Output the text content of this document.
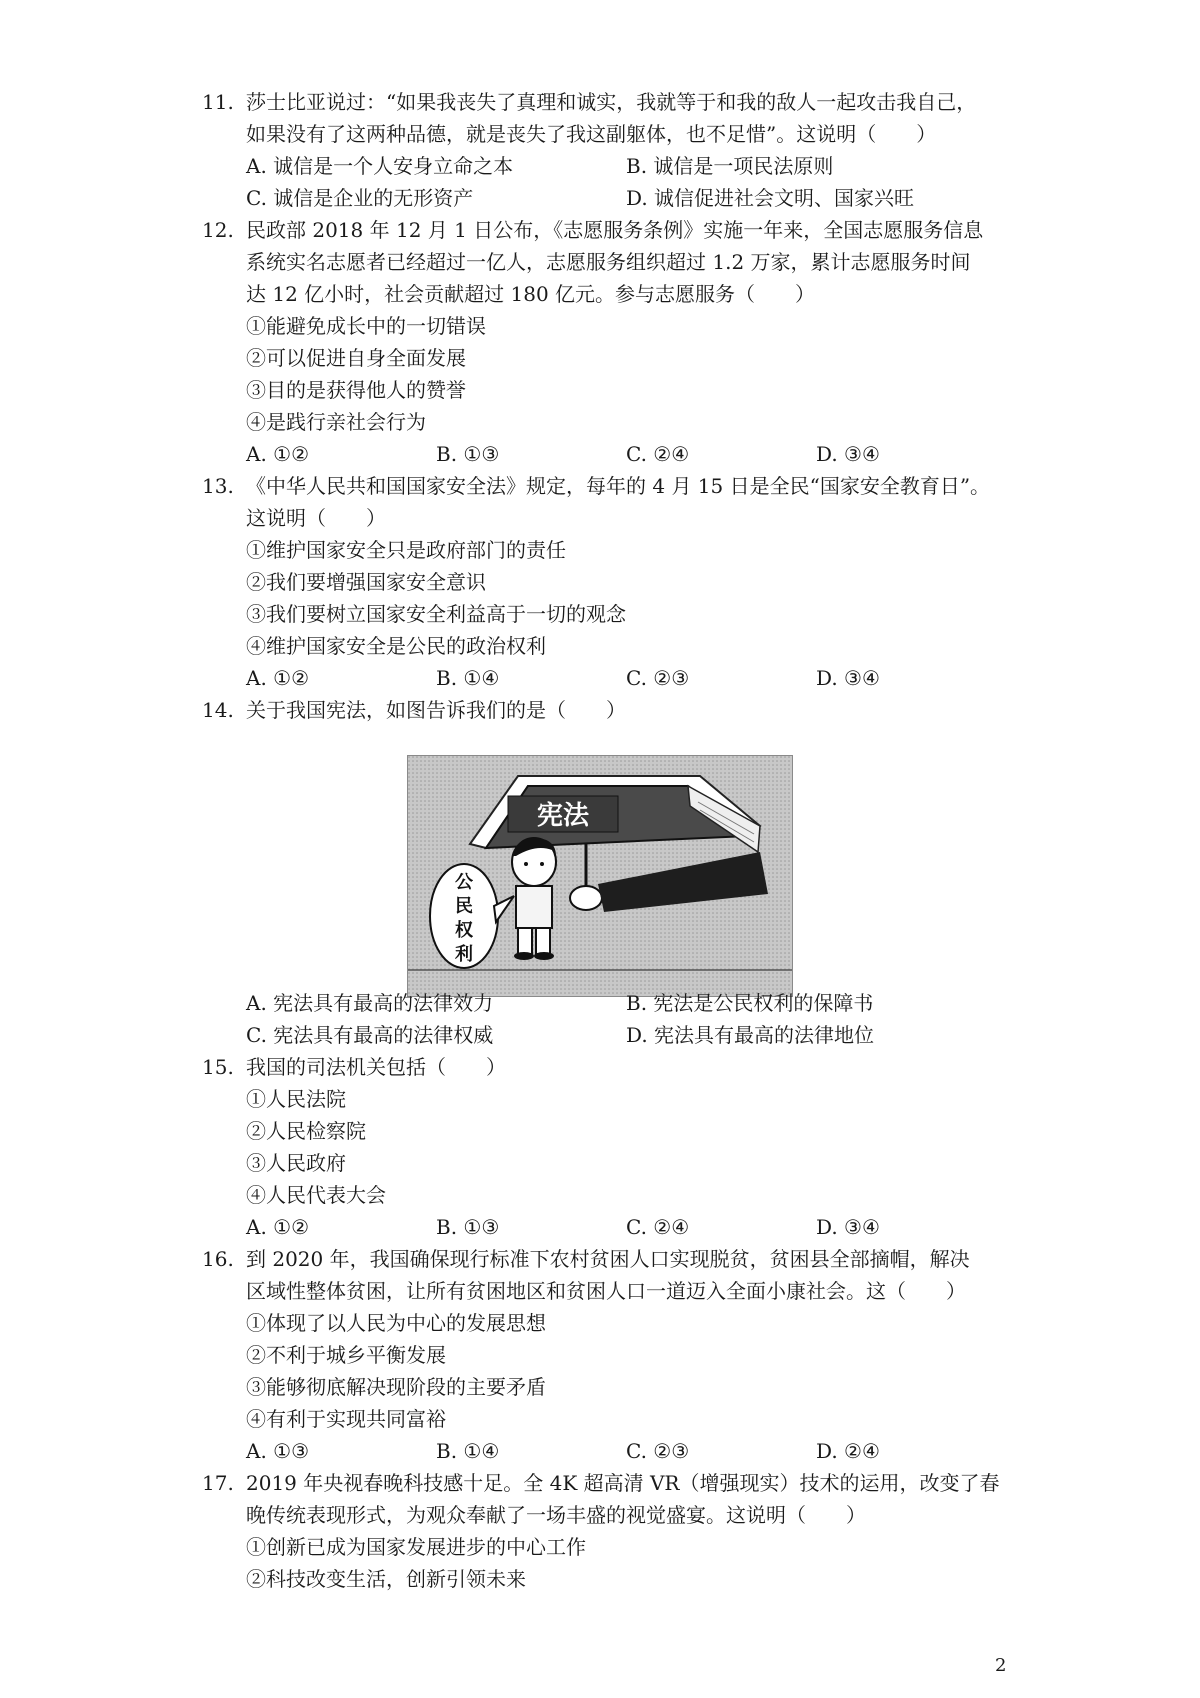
11. 莎士比亚说过：“如果我丧失了真理和诚实，我就等于和我的敌人一起攻击我自己，
如果没有了这两种品德，就是丧失了我这副躯体，也不足惜”。这说明（　　）
A. 诚信是一个人安身立命之本	B. 诚信是一项民法原则
C. 诚信是企业的无形资产	D. 诚信促进社会文明、国家兴旺
12. 民政部 2018 年 12 月 1 日公布，《志愿服务条例》实施一年来，全国志愿服务信息
系统实名志愿者已经超过一亿人，志愿服务组织超过 1.2 万家，累计志愿服务时间
达 12 亿小时，社会贡献超过 180 亿元。参与志愿服务（　　）
①能避免成长中的一切错误
②可以促进自身全面发展
③目的是获得他人的赞誉
④是践行亲社会行为
A. ①②	B. ①③	C. ②④	D. ③④
13. 《中华人民共和国国家安全法》规定，每年的 4 月 15 日是全民“国家安全教育日”。
这说明（　　）
①维护国家安全只是政府部门的责任
②我们要增强国家安全意识
③我们要树立国家安全利益高于一切的观念
④维护国家安全是公民的政治权利
A. ①②	B. ①④	C. ②③	D. ③④
14. 关于我国宪法，如图告诉我们的是（　　）
宪法
公
民
权
利
A. 宪法具有最高的法律效力	B. 宪法是公民权利的保障书
C. 宪法具有最高的法律权威	D. 宪法具有最高的法律地位
15. 我国的司法机关包括（　　）
①人民法院
②人民检察院
③人民政府
④人民代表大会
A. ①②	B. ①③	C. ②④	D. ③④
16. 到 2020 年，我国确保现行标准下农村贫困人口实现脱贫，贫困县全部摘帽，解决
区域性整体贫困，让所有贫困地区和贫困人口一道迈入全面小康社会。这（　　）
①体现了以人民为中心的发展思想
②不利于城乡平衡发展
③能够彻底解决现阶段的主要矛盾
④有利于实现共同富裕
A. ①③	B. ①④	C. ②③	D. ②④
17. 2019 年央视春晚科技感十足。全 4K 超高清 VR（增强现实）技术的运用，改变了春
晚传统表现形式，为观众奉献了一场丰盛的视觉盛宴。这说明（　　）
①创新已成为国家发展进步的中心工作
②科技改变生活，创新引领未来
2
